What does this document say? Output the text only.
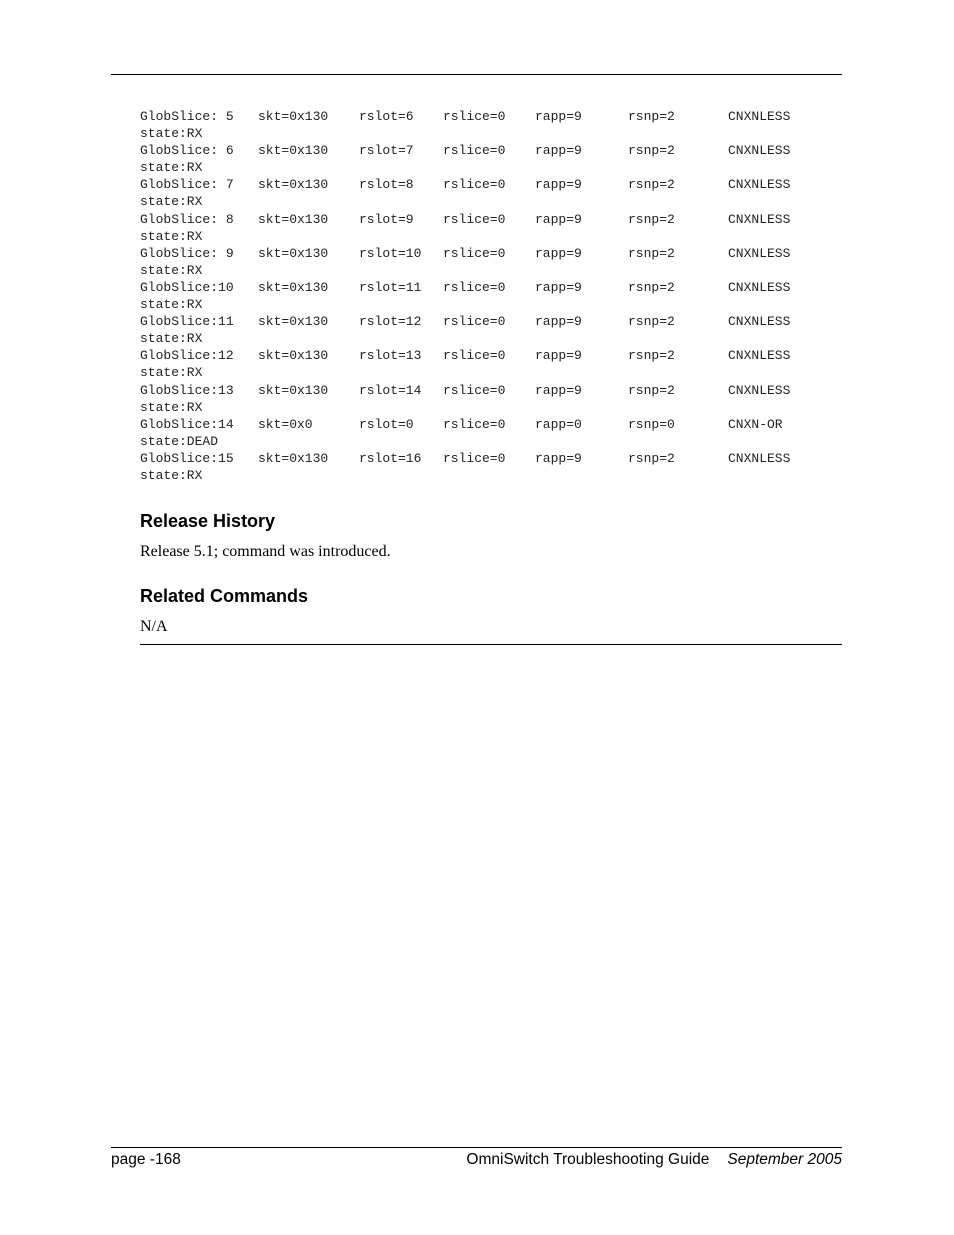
GlobSlice: 5 skt=0x130 rslot=6 rslice=0 rapp=9	rsnp=2	CNXNLESS
state:RX
GlobSlice: 6 skt=0x130 rslot=7 rslice=0 rapp=9	rsnp=2	CNXNLESS
state:RX
GlobSlice: 7 skt=0x130 rslot=8 rslice=0 rapp=9	rsnp=2	CNXNLESS
state:RX
GlobSlice: 8 skt=0x130 rslot=9 rslice=0 rapp=9	rsnp=2	CNXNLESS
state:RX
GlobSlice: 9 skt=0x130 rslot=10 rslice=0 rapp=9	rsnp=2	CNXNLESS
state:RX
GlobSlice:10 skt=0x130 rslot=11 rslice=0 rapp=9	rsnp=2	CNXNLESS
state:RX
GlobSlice:11 skt=0x130 rslot=12 rslice=0 rapp=9	rsnp=2	CNXNLESS
state:RX
GlobSlice:12 skt=0x130 rslot=13 rslice=0 rapp=9	rsnp=2	CNXNLESS
state:RX
GlobSlice:13 skt=0x130 rslot=14 rslice=0 rapp=9	rsnp=2	CNXNLESS
state:RX
GlobSlice:14 skt=0x0	rslot=0 rslice=0 rapp=0	rsnp=0	CNXN-OR
state:DEAD
GlobSlice:15 skt=0x130 rslot=16 rslice=0 rapp=9	rsnp=2	CNXNLESS
state:RX
Release History

Release 5.1; command was introduced.

Related Commands

N/A

page -168	OmniSwitch Troubleshooting Guide September 2005
